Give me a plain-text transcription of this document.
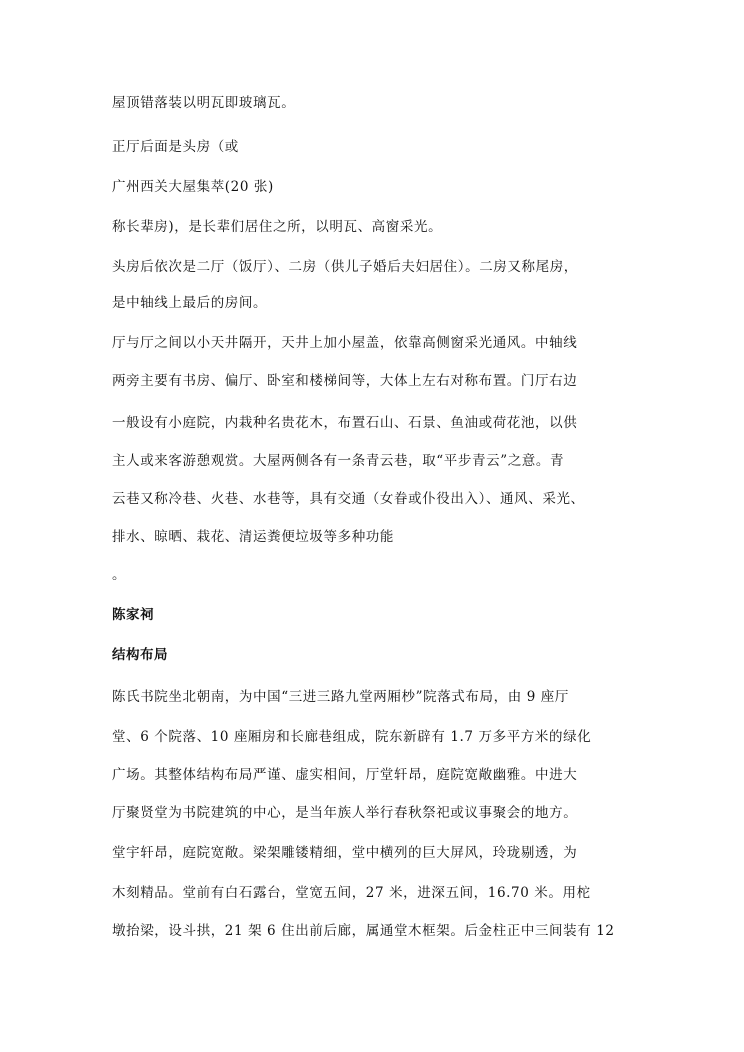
屋顶错落装以明瓦即玻璃瓦。
正厅后面是头房（或
广州西关大屋集萃(20 张)
称长辈房)，是长辈们居住之所，以明瓦、高窗采光。
头房后依次是二厅（饭厅）、二房（供儿子婚后夫妇居住）。二房又称尾房，
是中轴线上最后的房间。
厅与厅之间以小天井隔开，天井上加小屋盖，依靠高侧窗采光通风。中轴线
两旁主要有书房、偏厅、卧室和楼梯间等，大体上左右对称布置。门厅右边
一般设有小庭院，内栽种名贵花木，布置石山、石景、鱼油或荷花池，以供
主人或来客游憩观赏。大屋两侧各有一条青云巷，取“平步青云”之意。青
云巷又称冷巷、火巷、水巷等，具有交通（女眷或仆役出入）、通风、采光、
排水、晾晒、栽花、清运粪便垃圾等多种功能
。
陈家祠
结构布局
陈氏书院坐北朝南，为中国“三进三路九堂两厢杪”院落式布局，由 9 座厅
堂、6 个院落、10 座厢房和长廊巷组成，院东新辟有 1.7 万多平方米的绿化
广场。其整体结构布局严谨、虚实相间，厅堂轩昂，庭院宽敞幽雅。中进大
厅聚贤堂为书院建筑的中心，是当年族人举行春秋祭祀或议事聚会的地方。
堂宇轩昂，庭院宽敞。梁架雕镂精细，堂中横列的巨大屏风，玲珑剔透，为
木刻精品。堂前有白石露台，堂宽五间，27 米，进深五间，16.70 米。用柁
墩抬梁，设斗拱，21 架 6 住出前后廊，属通堂木框架。后金柱正中三间装有 12
